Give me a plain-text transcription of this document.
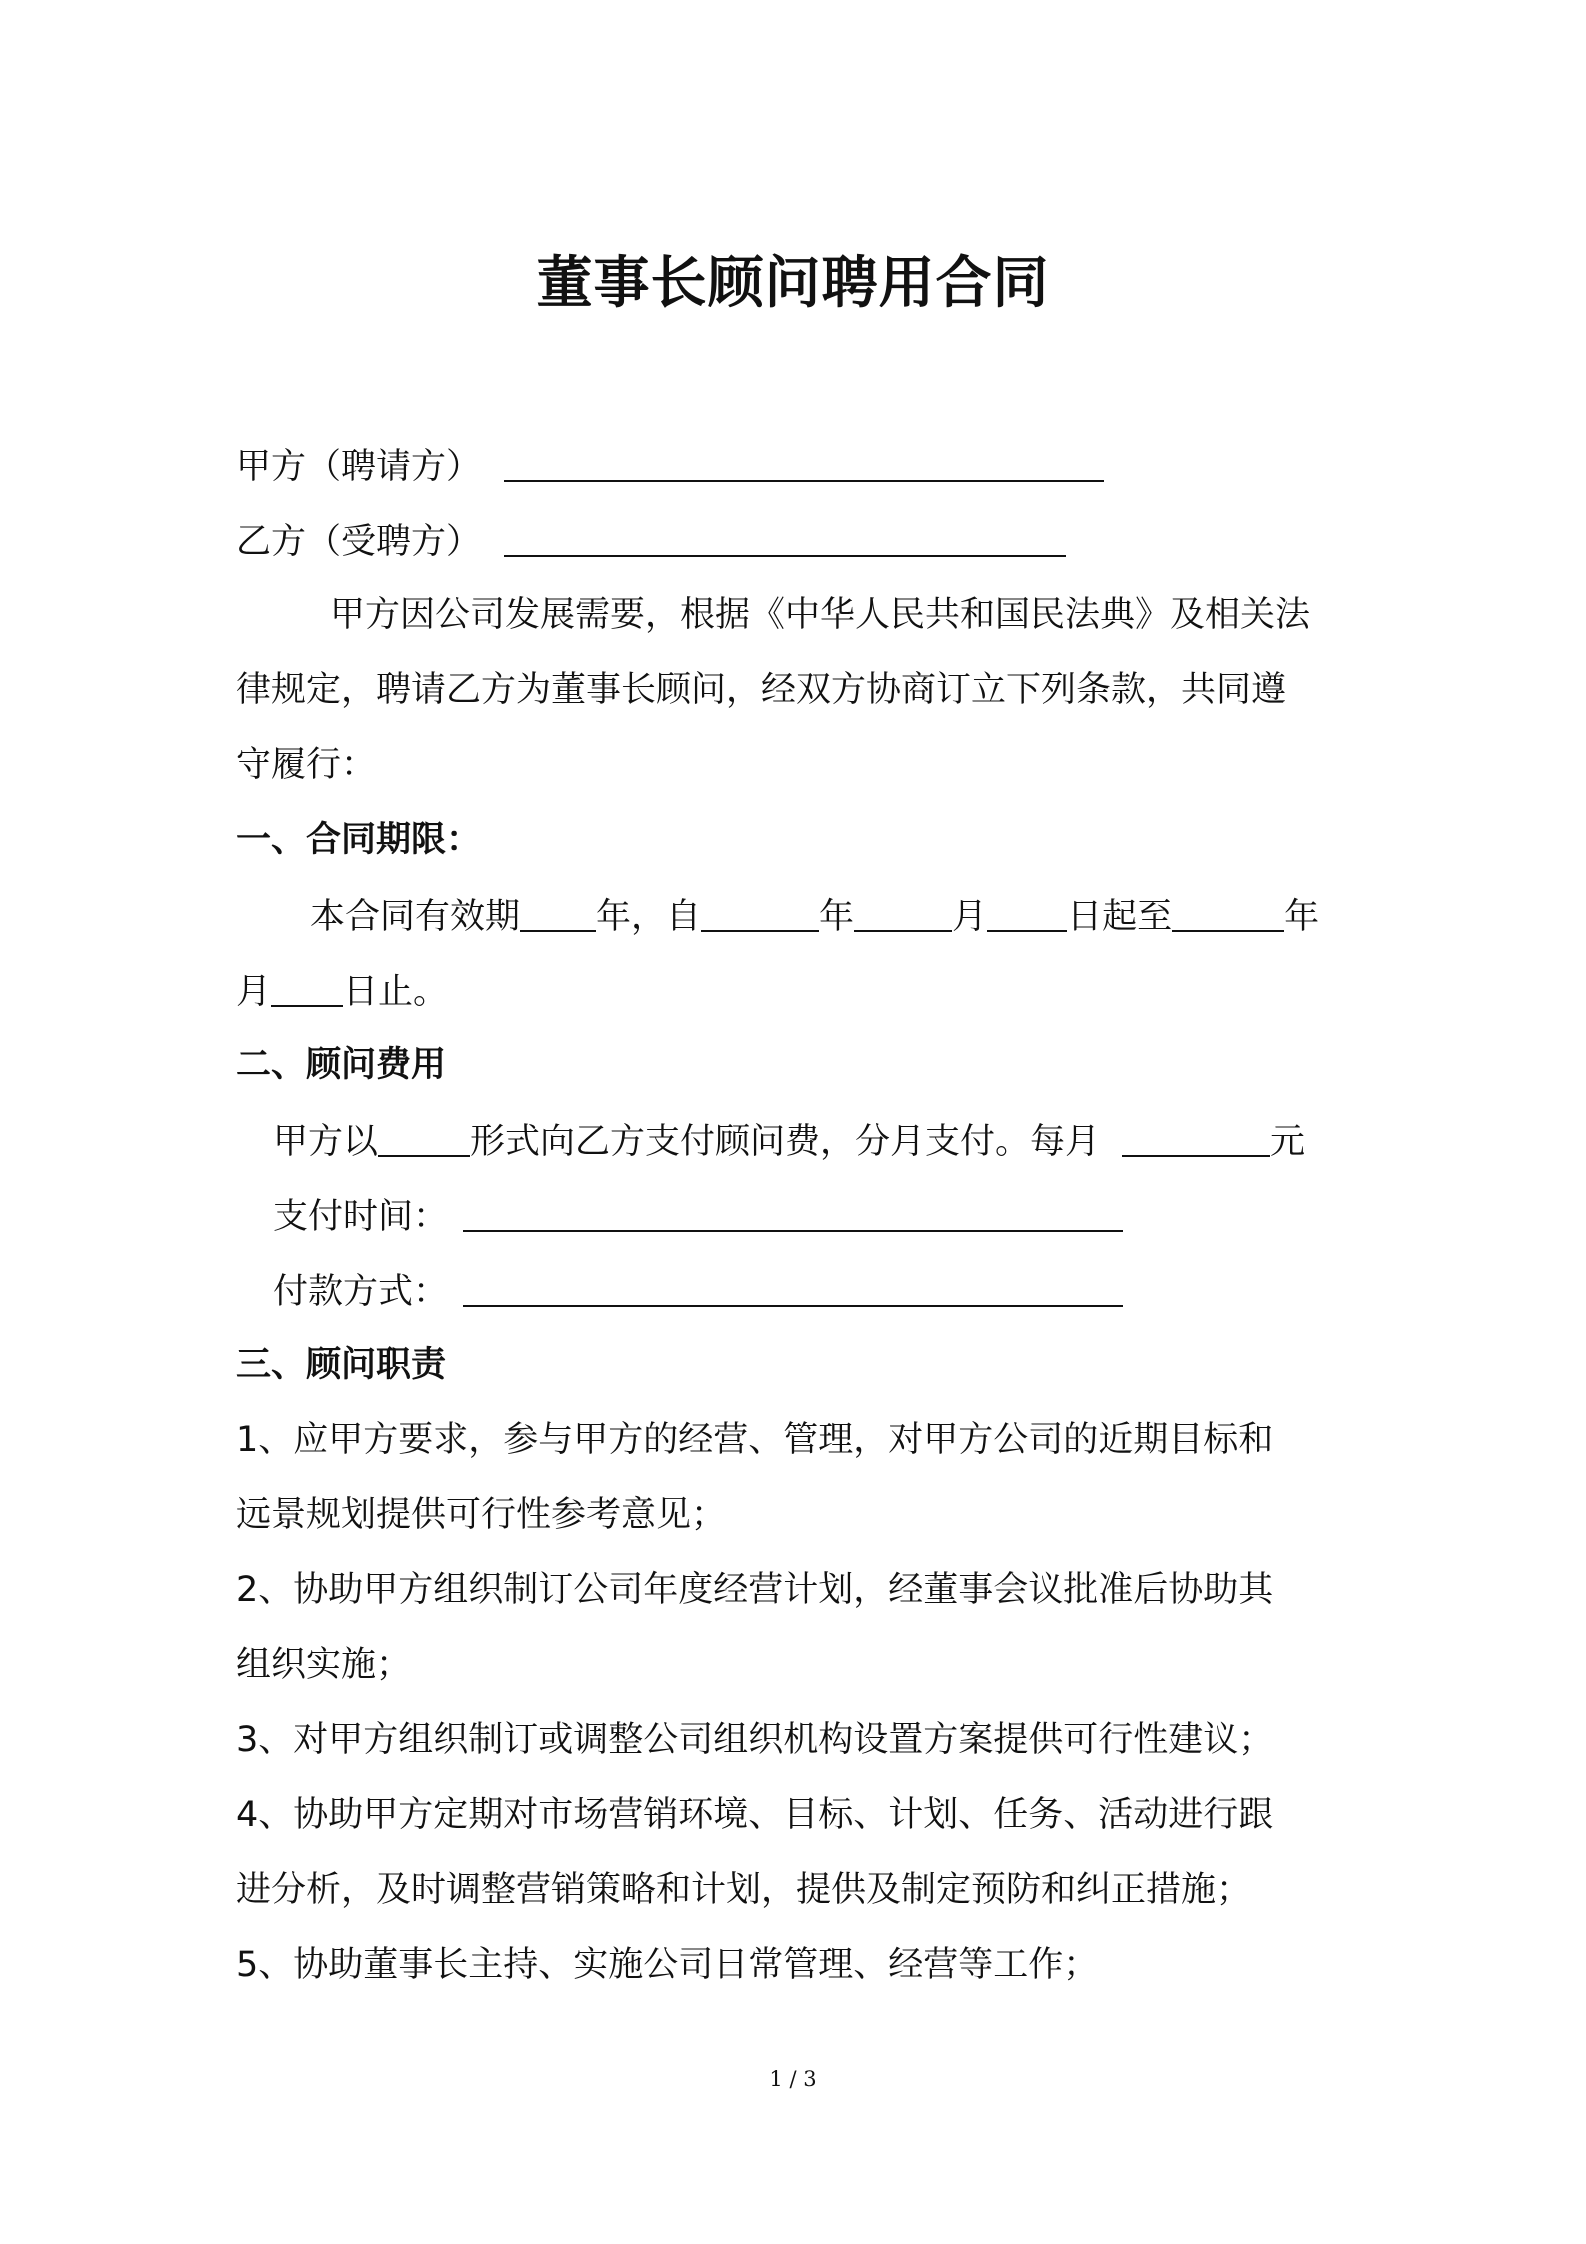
董事长顾问聘用合同
甲方（聘请方）
乙方（受聘方）
甲方因公司发展需要，根据《中华人民共和国民法典》及相关法
律规定，聘请乙方为董事长顾问，经双方协商订立下列条款，共同遵
守履行：
一、合同期限：
本合同有效期 年，自	年	月 日起至	年
月 日止。
二、顾问费用
甲方以	形式向乙方支付顾问费，分月支付。每月	元
支付时间：
付款方式：
三、顾问职责
1、应甲方要求，参与甲方的经营、管理，对甲方公司的近期目标和
远景规划提供可行性参考意见；
2、协助甲方组织制订公司年度经营计划，经董事会议批准后协助其
组织实施；
3、对甲方组织制订或调整公司组织机构设置方案提供可行性建议；
4、协助甲方定期对市场营销环境、目标、计划、任务、活动进行跟
进分析，及时调整营销策略和计划，提供及制定预防和纠正措施；
5、协助董事长主持、实施公司日常管理、经营等工作；
1 / 3
